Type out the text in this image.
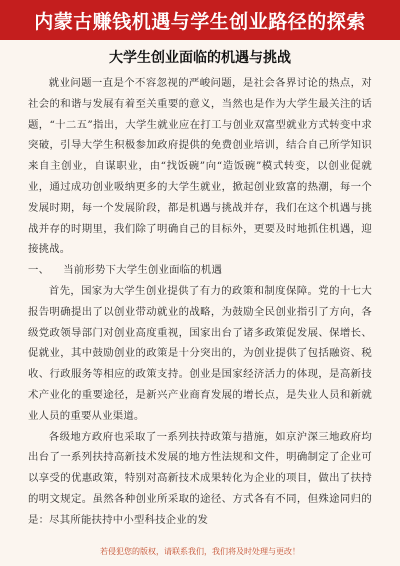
内蒙古赚钱机遇与学生创业路径的探索
大学生创业面临的机遇与挑战

就业问题一直是个不容忽视的严峻问题，是社会各界讨论的热点，对社会的和谐与发展有着至关重要的意义，当然也是作为大学生最关注的话题，“十二五”指出，大学生就业应在打工与创业双富型就业方式转变中求突破，引导大学生积极参加政府提供的免费创业培训，结合自己所学知识来自主创业，自谋职业，由“找饭碗”向“造饭碗”模式转变，以创业促就业，通过成功创业吸纳更多的大学生就业，掀起创业致富的热潮，每一个发展时期，每一个发展阶段，都是机遇与挑战并存，我们在这个机遇与挑战并存的时期里，我们除了明确自己的目标外，更要及时地抓住机遇，迎接挑战。

一、 当前形势下大学生创业面临的机遇

首先，国家为大学生创业提供了有力的政策和制度保障。党的十七大报告明确提出了以创业带动就业的战略，为鼓励全民创业指引了方向，各级党政领导部门对创业高度重视，国家出台了诸多政策促发展、保增长、促就业，其中鼓励创业的政策是十分突出的，为创业提供了包括融资、税收、行政服务等相应的政策支持。创业是国家经济活力的体现，是高新技术产业化的重要途径，是新兴产业商育发展的增长点，是失业人员和新就业人员的重要从业渠道。

各级地方政府也采取了一系列扶持政策与措施，如京沪深三地政府均出台了一系列扶持高新技术发展的地方性法规和文件，明确制定了企业可以享受的优惠政策，特别对高新技术成果转化为企业的项目，做出了扶持的明文规定。虽然各种创业所采取的途径、方式各有不同，但殊途同归的是：尽其所能扶持中小型科技企业的发

若侵犯您的版权，请联系我们，我们将及时处理与更改！
